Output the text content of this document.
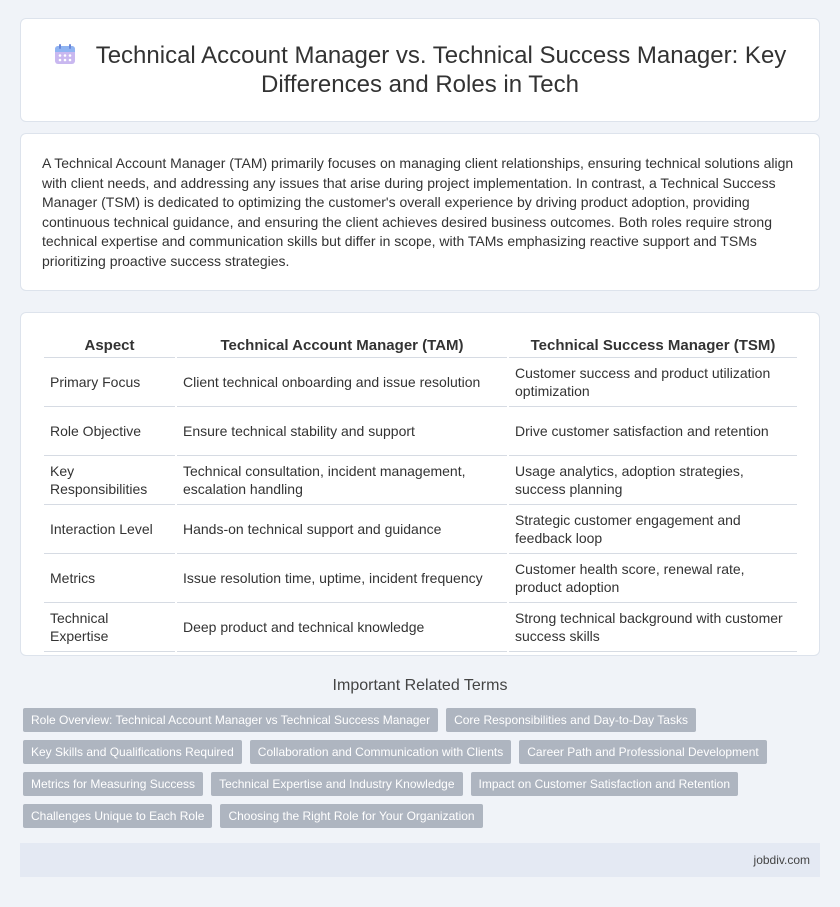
Technical Account Manager vs. Technical Success Manager: Key Differences and Roles in Tech

A Technical Account Manager (TAM) primarily focuses on managing client relationships, ensuring technical solutions align with client needs, and addressing any issues that arise during project implementation. In contrast, a Technical Success Manager (TSM) is dedicated to optimizing the customer's overall experience by driving product adoption, providing continuous technical guidance, and ensuring the client achieves desired business outcomes. Both roles require strong technical expertise and communication skills but differ in scope, with TAMs emphasizing reactive support and TSMs prioritizing proactive success strategies.

Aspect	Technical Account Manager (TAM)	Technical Success Manager (TSM)
Primary Focus	Client technical onboarding and issue resolution	Customer success and product utilization optimization
Role Objective	Ensure technical stability and support	Drive customer satisfaction and retention
Key Responsibilities	Technical consultation, incident management, escalation handling	Usage analytics, adoption strategies, success planning
Interaction Level	Hands-on technical support and guidance	Strategic customer engagement and feedback loop
Metrics	Issue resolution time, uptime, incident frequency	Customer health score, renewal rate, product adoption
Technical Expertise	Deep product and technical knowledge	Strong technical background with customer success skills
Important Related Terms
Role Overview: Technical Account Manager vs Technical Success Manager	Core Responsibilities and Day-to-Day Tasks
Key Skills and Qualifications Required	Collaboration and Communication with Clients	Career Path and Professional Development
Metrics for Measuring Success	Technical Expertise and Industry Knowledge	Impact on Customer Satisfaction and Retention
Challenges Unique to Each Role	Choosing the Right Role for Your Organization
jobdiv.com
